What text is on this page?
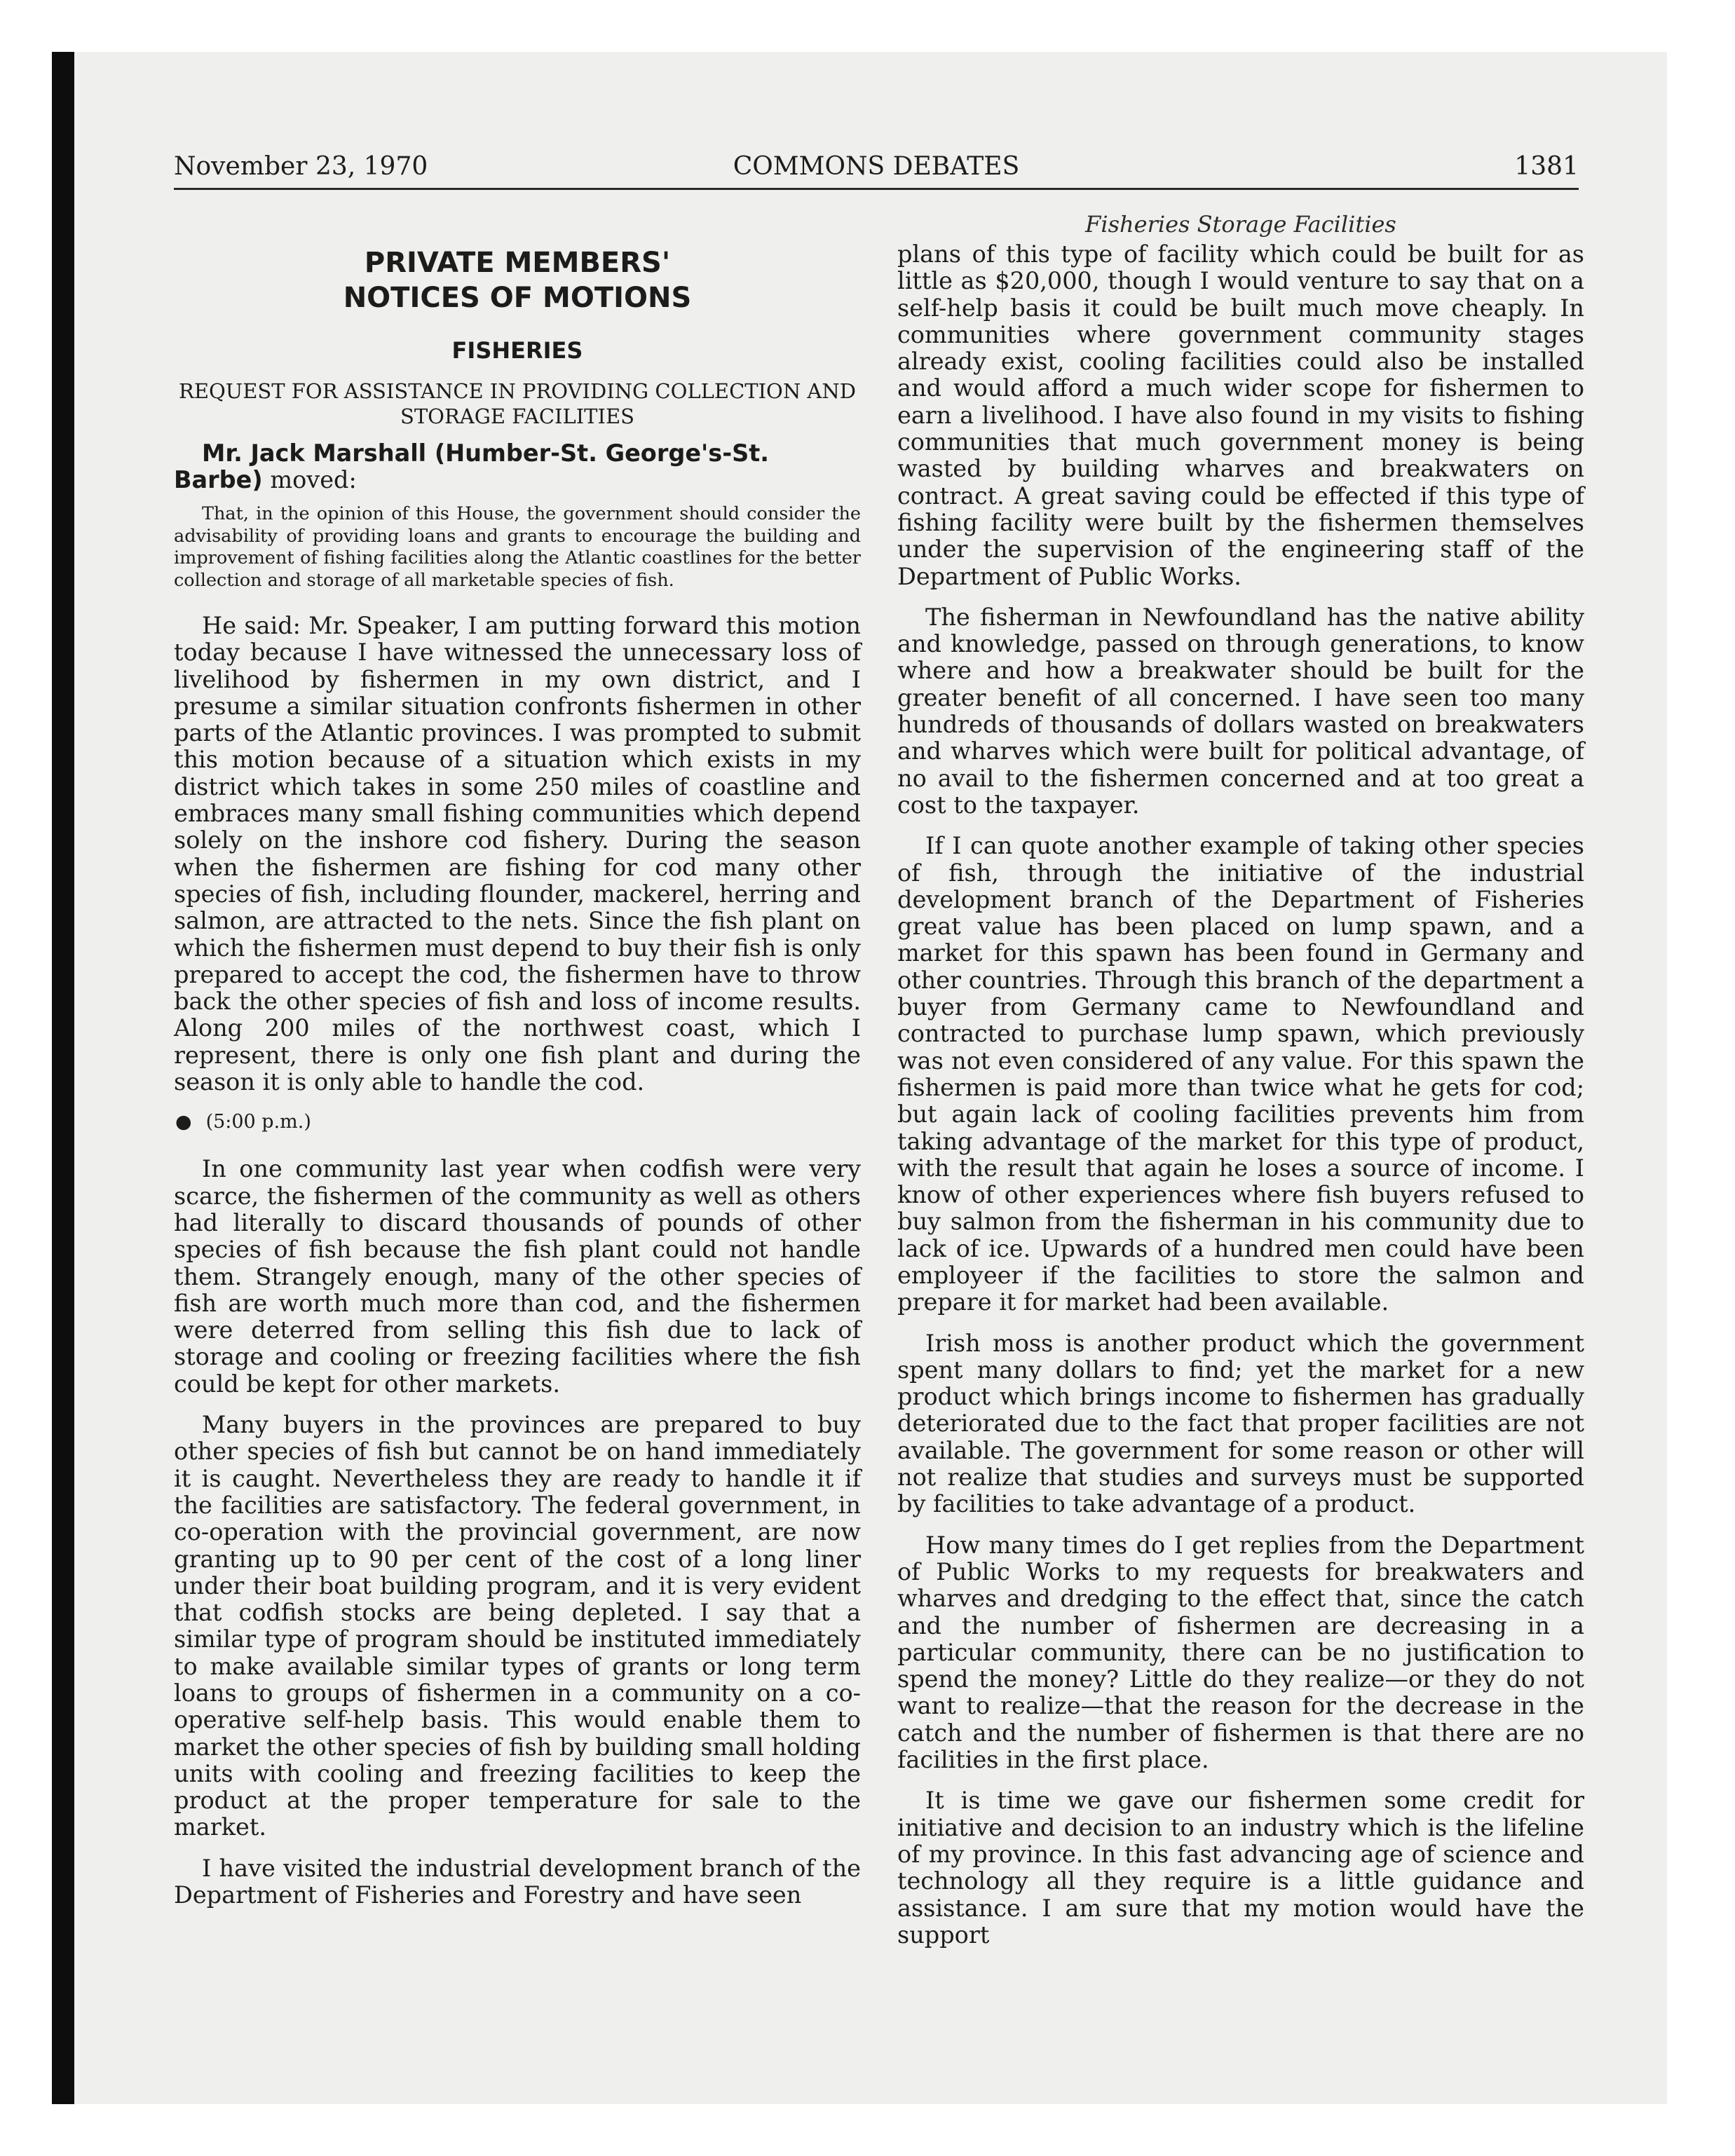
November 23, 1970	COMMONS DEBATES	1381
PRIVATE MEMBERS' NOTICES OF MOTIONS
FISHERIES

REQUEST FOR ASSISTANCE IN PROVIDING COLLECTION AND STORAGE FACILITIES

Mr. Jack Marshall (Humber-St. George's-St. Barbe) moved:

That, in the opinion of this House, the government should consider the advisability of providing loans and grants to encourage the building and improvement of fishing facilities along the Atlantic coastlines for the better collection and storage of all marketable species of fish.

He said: Mr. Speaker, I am putting forward this motion today because I have witnessed the unnecessary loss of livelihood by fishermen in my own district, and I presume a similar situation confronts fishermen in other parts of the Atlantic provinces. I was prompted to submit this motion because of a situation which exists in my district which takes in some 250 miles of coastline and embraces many small fishing communities which depend solely on the inshore cod fishery. During the season when the fishermen are fishing for cod many other species of fish, including flounder, mackerel, herring and salmon, are attracted to the nets. Since the fish plant on which the fishermen must depend to buy their fish is only prepared to accept the cod, the fishermen have to throw back the other species of fish and loss of income results. Along 200 miles of the northwest coast, which I represent, there is only one fish plant and during the season it is only able to handle the cod.

● (5:00 p.m.)

In one community last year when codfish were very scarce, the fishermen of the community as well as others had literally to discard thousands of pounds of other species of fish because the fish plant could not handle them. Strangely enough, many of the other species of fish are worth much more than cod, and the fishermen were deterred from selling this fish due to lack of storage and cooling or freezing facilities where the fish could be kept for other markets.

Many buyers in the provinces are prepared to buy other species of fish but cannot be on hand immediately it is caught. Nevertheless they are ready to handle it if the facilities are satisfactory. The federal government, in co-operation with the provincial government, are now granting up to 90 per cent of the cost of a long liner under their boat building program, and it is very evident that codfish stocks are being depleted. I say that a similar type of program should be instituted immediately to make available similar types of grants or long term loans to groups of fishermen in a community on a co-operative self-help basis. This would enable them to market the other species of fish by building small holding units with cooling and freezing facilities to keep the product at the proper temperature for sale to the market.

I have visited the industrial development branch of the Department of Fisheries and Forestry and have seen

Fisheries Storage Facilities

plans of this type of facility which could be built for as little as $20,000, though I would venture to say that on a self-help basis it could be built much move cheaply. In communities where government community stages already exist, cooling facilities could also be installed and would afford a much wider scope for fishermen to earn a livelihood. I have also found in my visits to fishing communities that much government money is being wasted by building wharves and breakwaters on contract. A great saving could be effected if this type of fishing facility were built by the fishermen themselves under the supervision of the engineering staff of the Department of Public Works.

The fisherman in Newfoundland has the native ability and knowledge, passed on through generations, to know where and how a breakwater should be built for the greater benefit of all concerned. I have seen too many hundreds of thousands of dollars wasted on breakwaters and wharves which were built for political advantage, of no avail to the fishermen concerned and at too great a cost to the taxpayer.

If I can quote another example of taking other species of fish, through the initiative of the industrial development branch of the Department of Fisheries great value has been placed on lump spawn, and a market for this spawn has been found in Germany and other countries. Through this branch of the department a buyer from Germany came to Newfoundland and contracted to purchase lump spawn, which previously was not even considered of any value. For this spawn the fishermen is paid more than twice what he gets for cod; but again lack of cooling facilities prevents him from taking advantage of the market for this type of product, with the result that again he loses a source of income. I know of other experiences where fish buyers refused to buy salmon from the fisherman in his community due to lack of ice. Upwards of a hundred men could have been employeer if the facilities to store the salmon and prepare it for market had been available.

Irish moss is another product which the government spent many dollars to find; yet the market for a new product which brings income to fishermen has gradually deteriorated due to the fact that proper facilities are not available. The government for some reason or other will not realize that studies and surveys must be supported by facilities to take advantage of a product.

How many times do I get replies from the Department of Public Works to my requests for breakwaters and wharves and dredging to the effect that, since the catch and the number of fishermen are decreasing in a particular community, there can be no justification to spend the money? Little do they realize—or they do not want to realize—that the reason for the decrease in the catch and the number of fishermen is that there are no facilities in the first place.

It is time we gave our fishermen some credit for initiative and decision to an industry which is the lifeline of my province. In this fast advancing age of science and technology all they require is a little guidance and assistance. I am sure that my motion would have the support
